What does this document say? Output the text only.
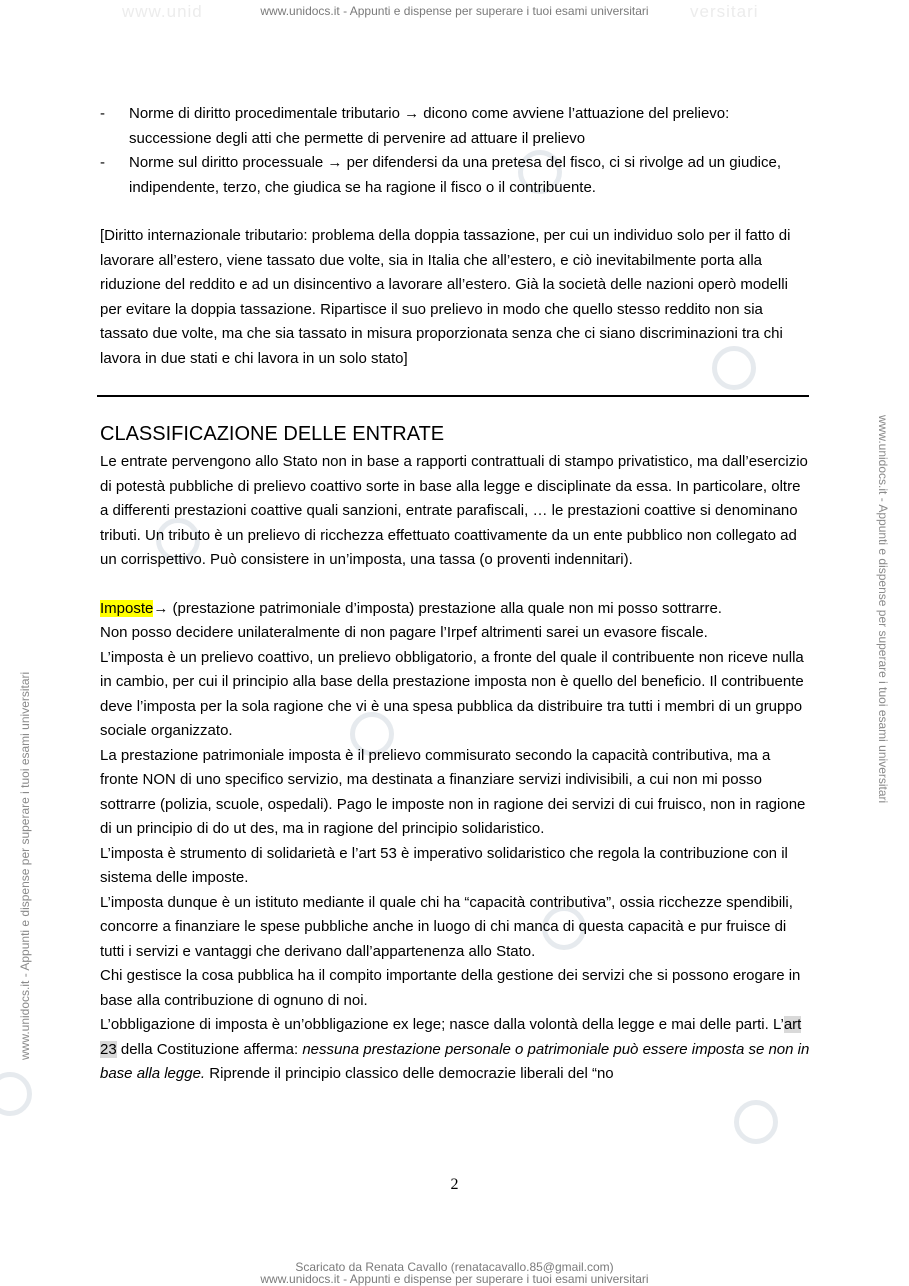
www.unid	versitari
www.unidocs.it - Appunti e dispense per superare i tuoi esami universitari
www.unidocs.it - Appunti e dispense per superare i tuoi esami universitari
www.unidocs.it - Appunti e dispense per superare i tuoi esami universitari
- Norme di diritto procedimentale tributario → dicono come avviene l’attuazione del prelievo: successione degli atti che permette di pervenire ad attuare il prelievo
- Norme sul diritto processuale → per difendersi da una pretesa del fisco, ci si rivolge ad un giudice, indipendente, terzo, che giudica se ha ragione il fisco o il contribuente.
[Diritto internazionale tributario: problema della doppia tassazione, per cui un individuo solo per il fatto di lavorare all’estero, viene tassato due volte, sia in Italia che all’estero, e ciò inevitabilmente porta alla riduzione del reddito e ad un disincentivo a lavorare all’estero. Già la società delle nazioni operò modelli per evitare la doppia tassazione. Ripartisce il suo prelievo in modo che quello stesso reddito non sia tassato due volte, ma che sia tassato in misura proporzionata senza che ci siano discriminazioni tra chi lavora in due stati e chi lavora in un solo stato]
CLASSIFICAZIONE DELLE ENTRATE
Le entrate pervengono allo Stato non in base a rapporti contrattuali di stampo privatistico, ma dall’esercizio di potestà pubbliche di prelievo coattivo sorte in base alla legge e disciplinate da essa. In particolare, oltre a differenti prestazioni coattive quali sanzioni, entrate parafiscali, … le prestazioni coattive si denominano tributi. Un tributo è un prelievo di ricchezza effettuato coattivamente da un ente pubblico non collegato ad un corrispettivo. Può consistere in un’imposta, una tassa (o proventi indennitari).
Imposte→ (prestazione patrimoniale d’imposta) prestazione alla quale non mi posso sottrarre.
Non posso decidere unilateralmente di non pagare l’Irpef altrimenti sarei un evasore fiscale.
L’imposta è un prelievo coattivo, un prelievo obbligatorio, a fronte del quale il contribuente non riceve nulla in cambio, per cui il principio alla base della prestazione imposta non è quello del beneficio. Il contribuente deve l’imposta per la sola ragione che vi è una spesa pubblica da distribuire tra tutti i membri di un gruppo sociale organizzato.
La prestazione patrimoniale imposta è il prelievo commisurato secondo la capacità contributiva, ma a fronte NON di uno specifico servizio, ma destinata a finanziare servizi indivisibili, a cui non mi posso sottrarre (polizia, scuole, ospedali). Pago le imposte non in ragione dei servizi di cui fruisco, non in ragione di un principio di do ut des, ma in ragione del principio solidaristico.
L’imposta è strumento di solidarietà e l’art 53 è imperativo solidaristico che regola la contribuzione con il sistema delle imposte.
L’imposta dunque è un istituto mediante il quale chi ha “capacità contributiva”, ossia ricchezze spendibili, concorre a finanziare le spese pubbliche anche in luogo di chi manca di questa capacità e pur fruisce di tutti i servizi e vantaggi che derivano dall’appartenenza allo Stato.
Chi gestisce la cosa pubblica ha il compito importante della gestione dei servizi che si possono erogare in base alla contribuzione di ognuno di noi.
L’obbligazione di imposta è un’obbligazione ex lege; nasce dalla volontà della legge e mai delle parti. L’art 23 della Costituzione afferma: nessuna prestazione personale o patrimoniale può essere imposta se non in base alla legge. Riprende il principio classico delle democrazie liberali del “no
2
Scaricato da Renata Cavallo (renatacavallo.85@gmail.com)
www.unidocs.it - Appunti e dispense per superare i tuoi esami universitari
